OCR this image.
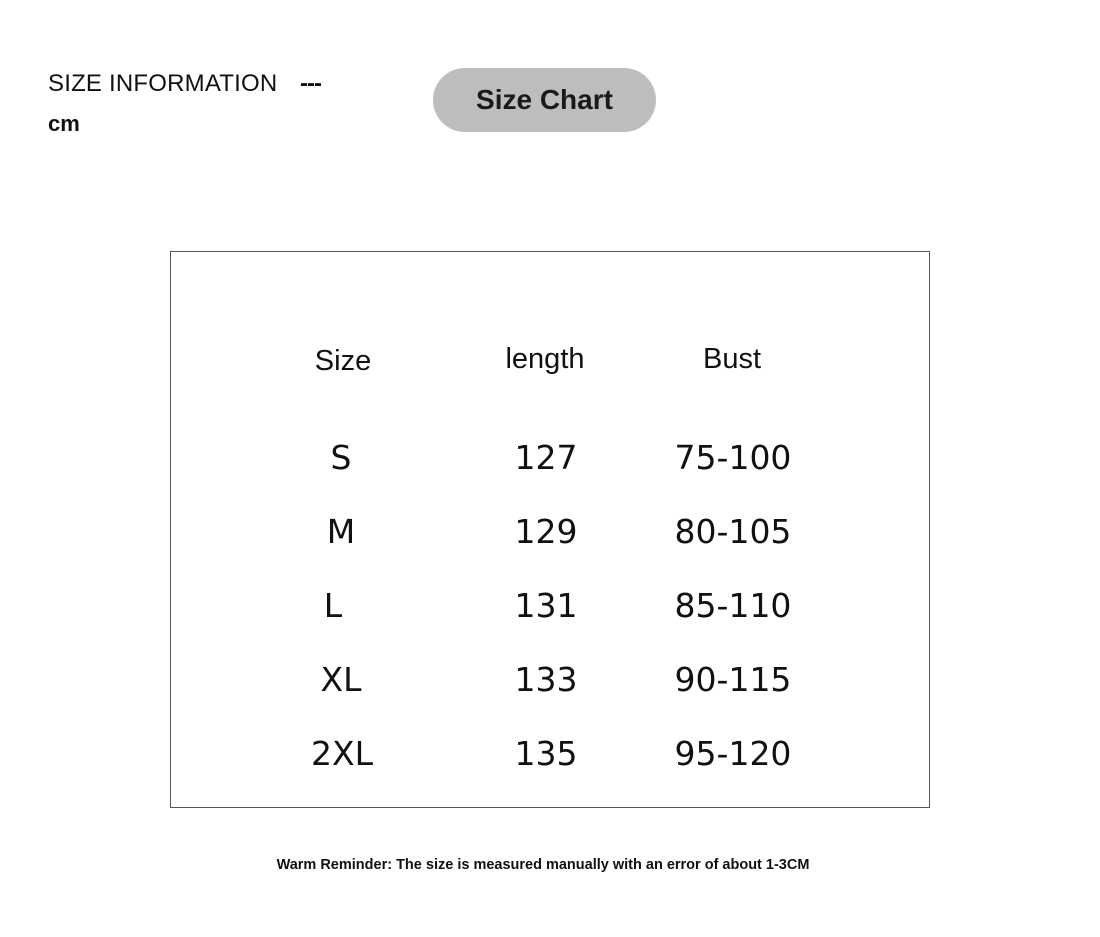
SIZE INFORMATION ---
cm
Size Chart
Size	length	Bust
S	127	75-100
M	129	80-105
L	131	85-110
XL	133	90-115
2XL	135	95-120
Warm Reminder: The size is measured manually with an error of about 1-3CM
